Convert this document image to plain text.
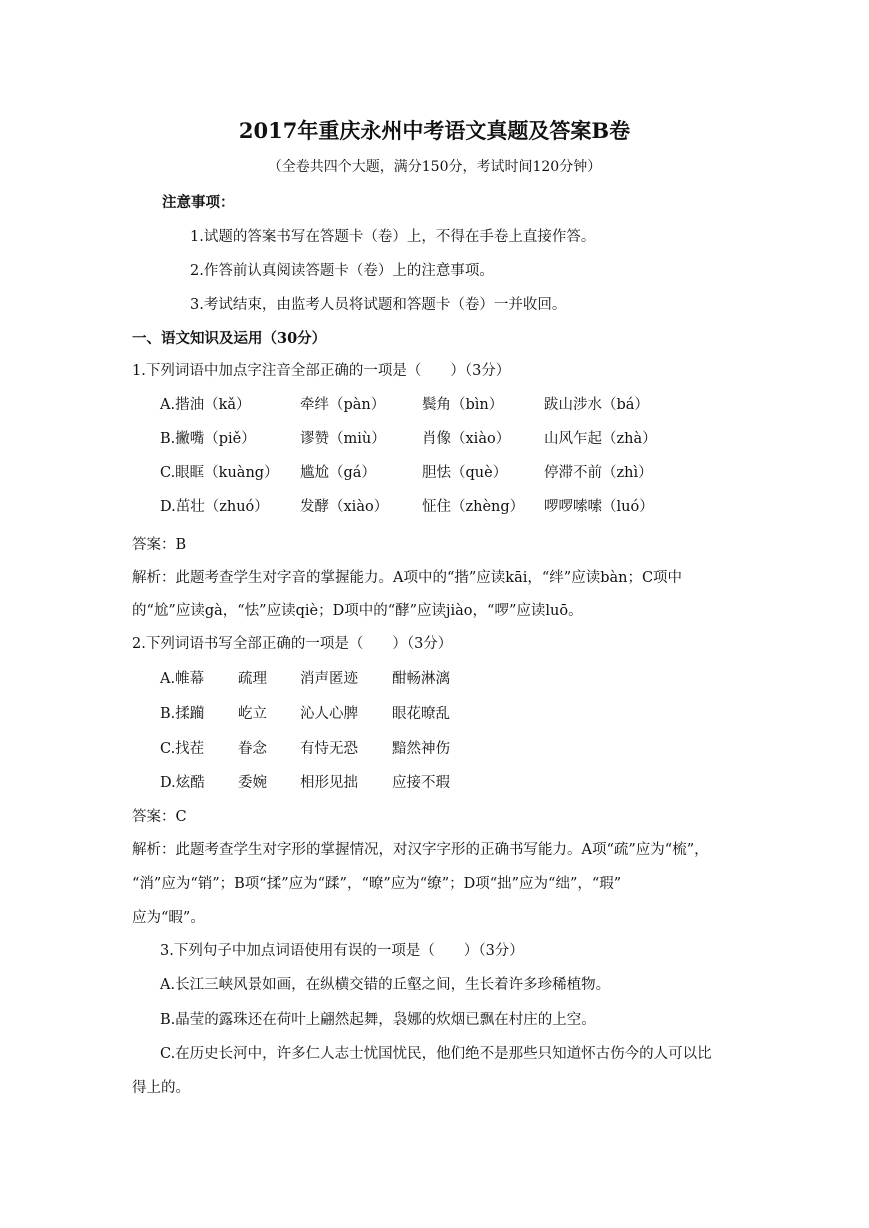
2017年重庆永州中考语文真题及答案B卷
（全卷共四个大题，满分150分，考试时间120分钟）
注意事项：
1.试题的答案书写在答题卡（卷）上，不得在手卷上直接作答。
2.作答前认真阅读答题卡（卷）上的注意事项。
3.考试结束，由监考人员将试题和答题卡（卷）一并收回。
一、语文知识及运用（30分）
1.下列词语中加点字注音全部正确的一项是（　　）（3分）
A.揩油（kǎ）	牵绊（pàn）	鬓角（bìn）	跋山涉水（bá）
B.撇嘴（piě）	谬赞（miù）	肖像（xiào） 山风乍起（zhà）
C.眼眶（kuàng） 尴尬（gá）	胆怯（què）	停滞不前（zhì）
D.茁壮（zhuó） 发酵（xiào） 怔住（zhèng） 啰啰嗦嗦（luó）
答案：B
解析：此题考查学生对字音的掌握能力。A项中的“揩”应读kāi，“绊”应读bàn；C项中
的“尬”应读gà，“怯”应读qiè；D项中的“酵”应读jiào，“啰”应读luō。
2.下列词语书写全部正确的一项是（　　）（3分）
A.帷幕 疏理 消声匿迹 酣畅淋漓
B.揉躏 屹立 沁人心脾 眼花暸乱
C.找茬 眷念 有恃无恐 黯然神伤
D.炫酷 委婉 相形见拙 应接不瑕
答案：C
解析：此题考查学生对字形的掌握情况，对汉字字形的正确书写能力。A项“疏”应为“梳”，
“消”应为“销”；B项“揉”应为“蹂”，“暸”应为“缭”；D项“拙”应为“绌”，“瑕”
应为“暇”。
3.下列句子中加点词语使用有误的一项是（　　）（3分）
A.长江三峡风景如画，在纵横交错的丘壑之间，生长着许多珍稀植物。
B.晶莹的露珠还在荷叶上翩然起舞，袅娜的炊烟已飘在村庄的上空。
C.在历史长河中，许多仁人志士忧国忧民，他们绝不是那些只知道怀古伤今的人可以比
得上的。
